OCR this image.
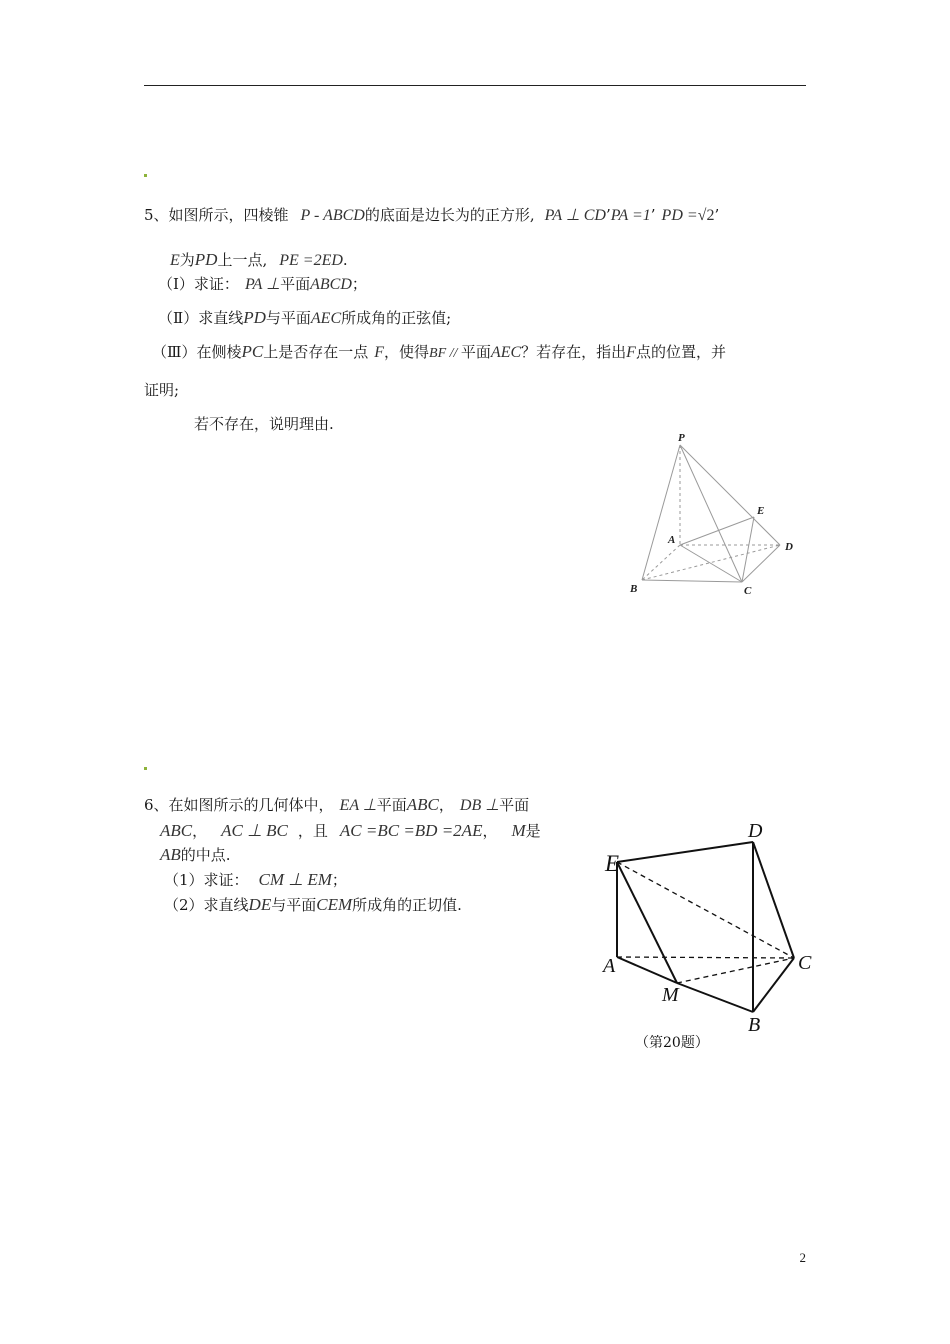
5、如图所示，四棱锥 P - ABCD的底面是边长为的正方形, PA ⊥ CD’PA =1’ PD =√2’
E为PD上一点, PE =2ED.
（Ⅰ）求证： PA ⊥平面ABCD；
（Ⅱ）求直线PD与平面AEC所成角的正弦值;
（Ⅲ）在侧棱PC上是否存在一点 F，使得BF // 平面AEC？若存在，指出F点的位置，并
证明;
若不存在，说明理由.
P
E
A
D
B	C
6、在如图所示的几何体中， EA ⊥平面ABC， DB ⊥平面
ABC， AC ⊥ BC ，且 AC =BC =BD =2AE， M是
AB的中点.
（1）求证： CM ⊥ EM；
（2）求直线DE与平面CEM所成角的正切值.
D
E
A	C
M
B
（第20题）
2
